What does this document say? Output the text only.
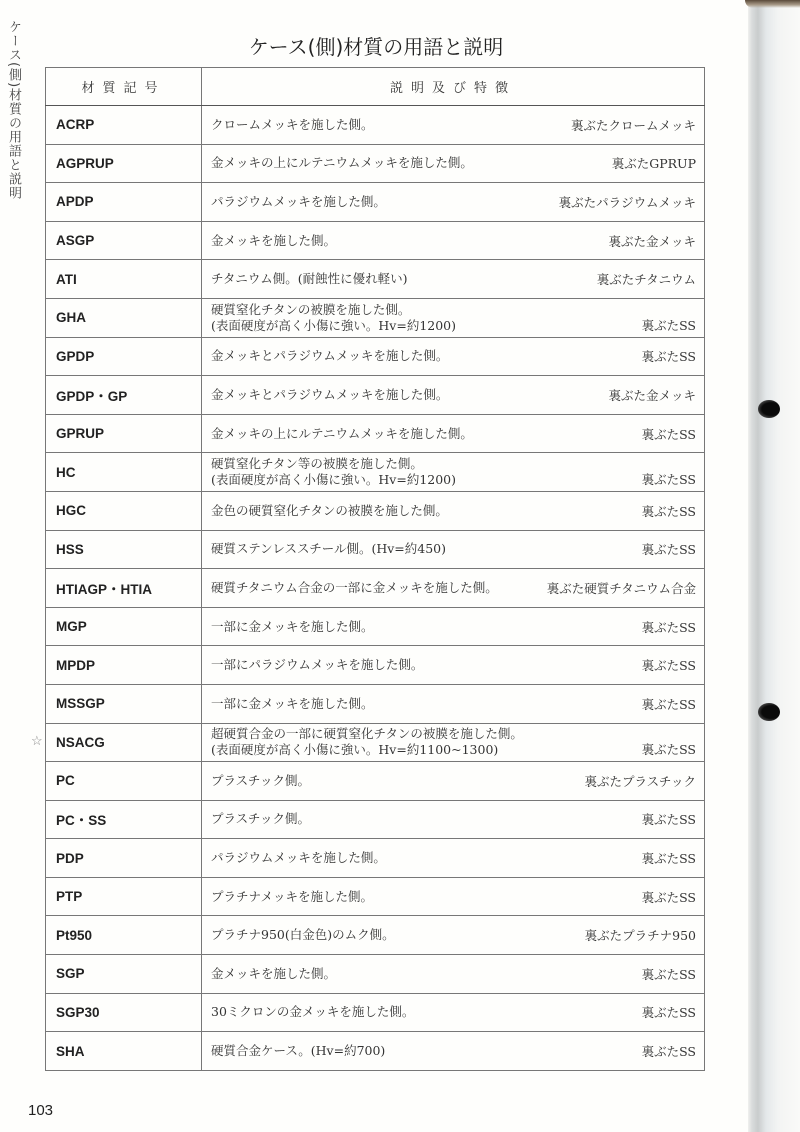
ケース(側)材質の用語と説明	ケース(側)材質の用語と説明
材質記号	説明及び特徴
ACRP	クロームメッキを施した側。 裏ぶたクロームメッキ

AGPRUP	金メッキの上にルテニウムメッキを施した側。 裏ぶたGPRUP

APDP	パラジウムメッキを施した側。 裏ぶたパラジウムメッキ

ASGP	金メッキを施した側。 裏ぶた金メッキ

ATI	チタニウム側。(耐蝕性に優れ軽い) 裏ぶたチタニウム

GHA	硬質窒化チタンの被膜を施した側。
(表面硬度が高く小傷に強い。Hv=約1200) 裏ぶたSS

GPDP	金メッキとパラジウムメッキを施した側。 裏ぶたSS

GPDP・GP	金メッキとパラジウムメッキを施した側。 裏ぶた金メッキ

GPRUP	金メッキの上にルテニウムメッキを施した側。 裏ぶたSS

HC	硬質窒化チタン等の被膜を施した側。
(表面硬度が高く小傷に強い。Hv=約1200) 裏ぶたSS

HGC	金色の硬質窒化チタンの被膜を施した側。 裏ぶたSS

HSS	硬質ステンレススチール側。(Hv=約450) 裏ぶたSS

HTIAGP・HTIA	硬質チタニウム合金の一部に金メッキを施した側。 裏ぶた硬質チタニウム合金

MGP	一部に金メッキを施した側。 裏ぶたSS

MPDP	一部にパラジウムメッキを施した側。 裏ぶたSS

MSSGP	一部に金メッキを施した側。 裏ぶたSS

NSACG	超硬質合金の一部に硬質窒化チタンの被膜を施した側。
(表面硬度が高く小傷に強い。Hv=約1100~1300) 裏ぶたSS

PC	プラスチック側。 裏ぶたプラスチック

PC・SS	プラスチック側。 裏ぶたSS

PDP	パラジウムメッキを施した側。 裏ぶたSS

PTP	プラチナメッキを施した側。 裏ぶたSS

Pt950	プラチナ950(白金色)のムク側。 裏ぶたプラチナ950

SGP	金メッキを施した側。 裏ぶたSS

SGP30	30ミクロンの金メッキを施した側。 裏ぶたSS

SHA	硬質合金ケース。(Hv=約700) 裏ぶたSS
103
☆
